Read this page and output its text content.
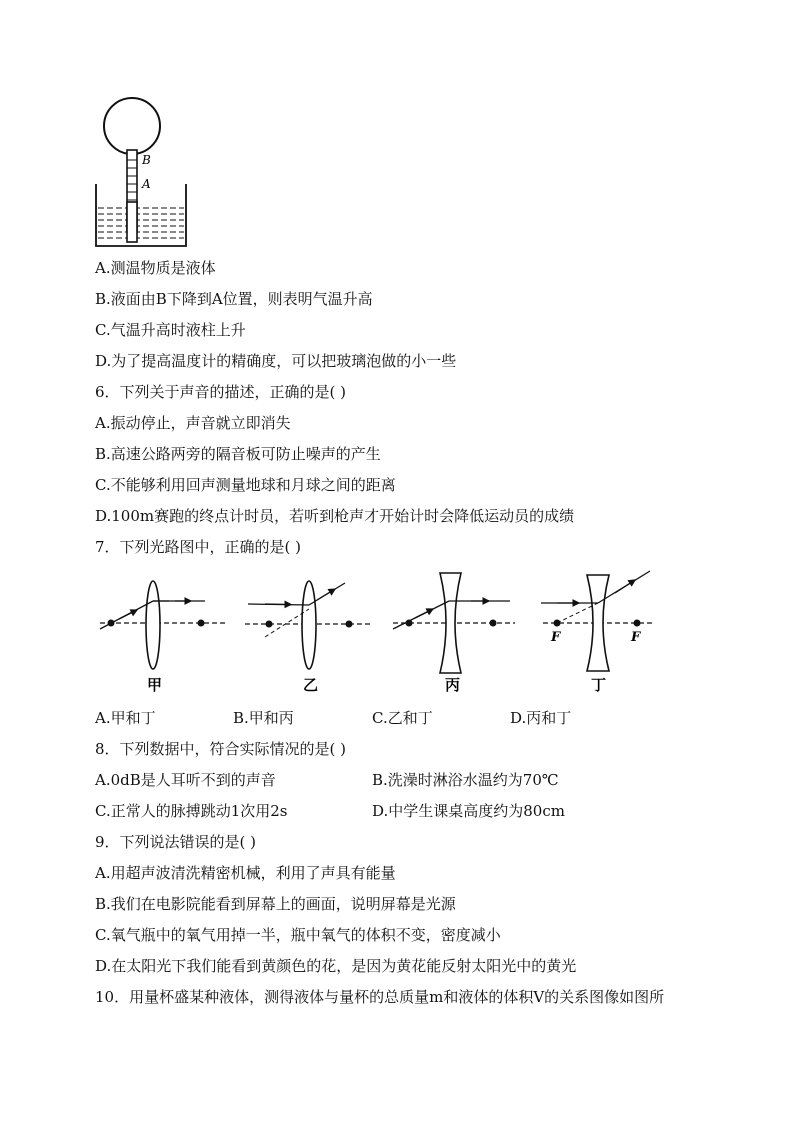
B
A
A.测温物质是液体
B.液面由B下降到A位置，则表明气温升高
C.气温升高时液柱上升
D.为了提高温度计的精确度，可以把玻璃泡做的小一些
6．下列关于声音的描述，正确的是( )
A.振动停止，声音就立即消失
B.高速公路两旁的隔音板可防止噪声的产生
C.不能够利用回声测量地球和月球之间的距离
D.100m赛跑的终点计时员，若听到枪声才开始计时会降低运动员的成绩
7．下列光路图中，正确的是( )
甲	乙	丙
F	F
丁
A.甲和丁	B.甲和丙	C.乙和丁	D.丙和丁
8．下列数据中，符合实际情况的是( )
A.0dB是人耳听不到的声音	B.洗澡时淋浴水温约为70℃
C.正常人的脉搏跳动1次用2s	D.中学生课桌高度约为80cm
9．下列说法错误的是( )
A.用超声波清洗精密机械，利用了声具有能量
B.我们在电影院能看到屏幕上的画面，说明屏幕是光源
C.氧气瓶中的氧气用掉一半，瓶中氧气的体积不变，密度减小
D.在太阳光下我们能看到黄颜色的花，是因为黄花能反射太阳光中的黄光
10．用量杯盛某种液体，测得液体与量杯的总质量m和液体的体积V的关系图像如图所
